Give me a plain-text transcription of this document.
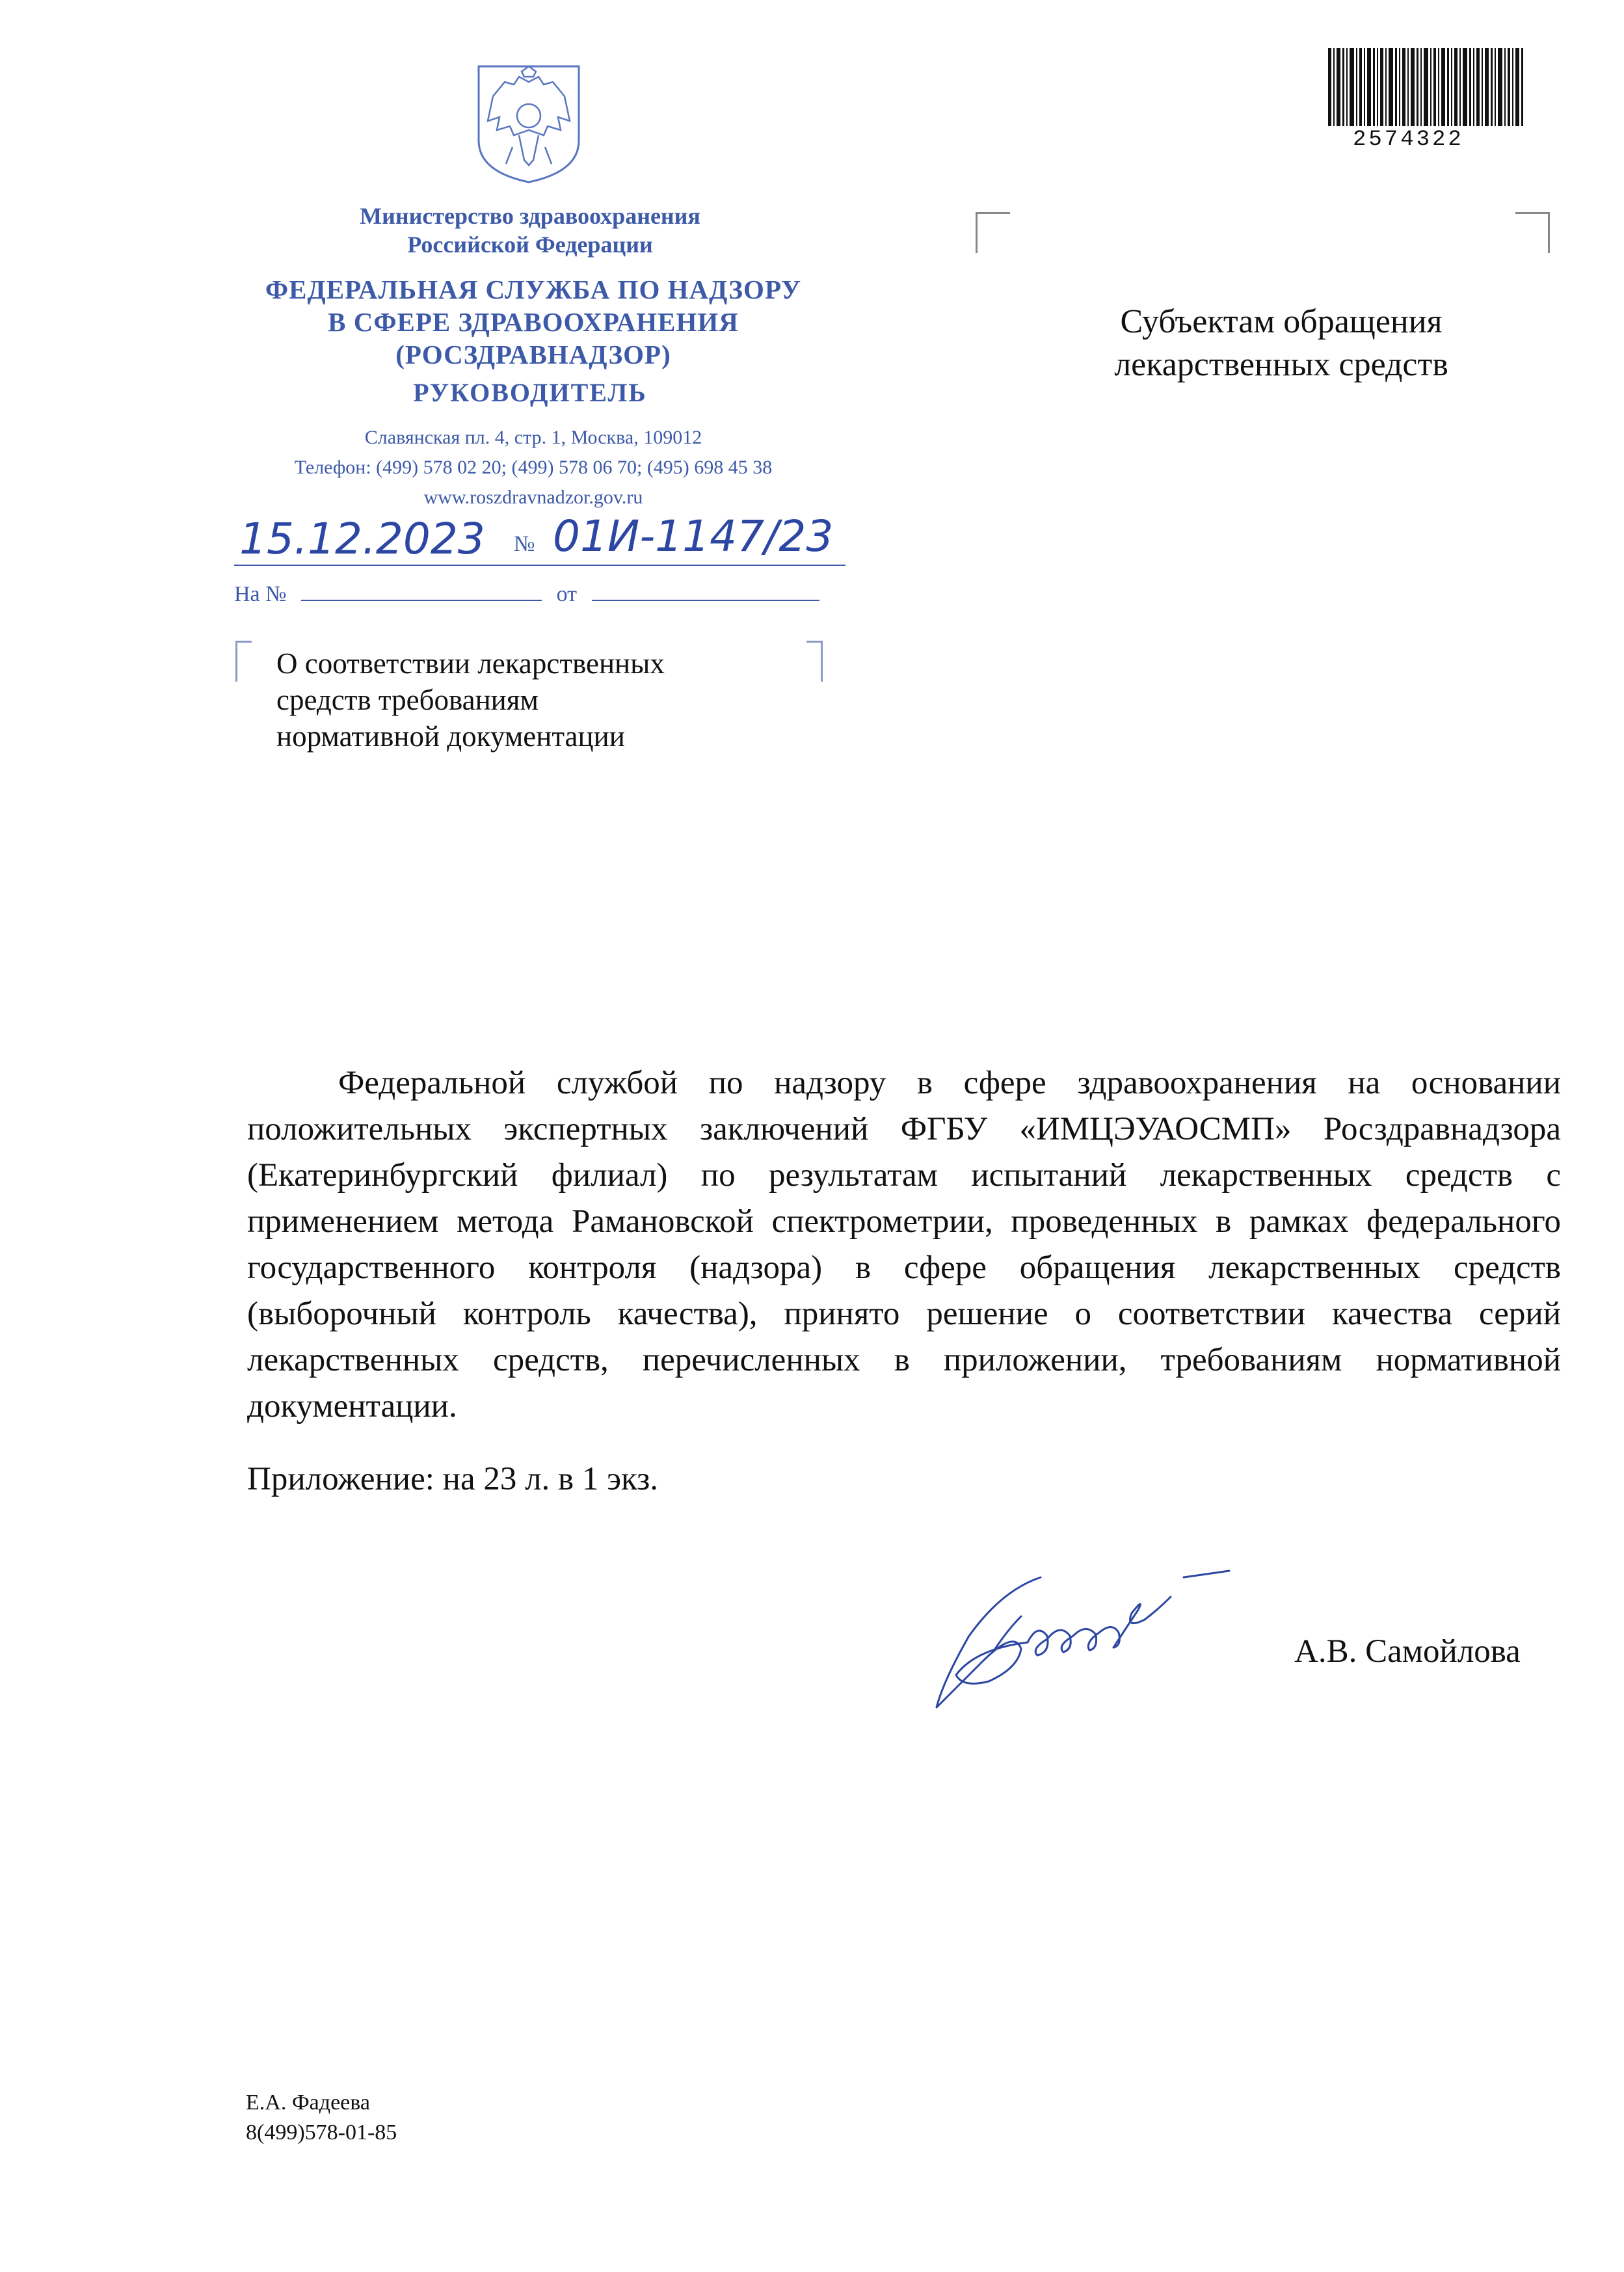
Министерство здравоохранения
Российской Федерации
ФЕДЕРАЛЬНАЯ СЛУЖБА ПО НАДЗОРУ
В СФЕРЕ ЗДРАВООХРАНЕНИЯ
(РОСЗДРАВНАДЗОР)
РУКОВОДИТЕЛЬ
Славянская пл. 4, стр. 1, Москва, 109012
Телефон: (499) 578 02 20; (499) 578 06 70; (495) 698 45 38
www.roszdravnadzor.gov.ru
15.12.2023 № 01И-1147/23
На №	от
О соответствии лекарственных
средств требованиям
нормативной документации
2574322
Субъектам обращения
лекарственных средств

Федеральной службой по надзору в сфере здравоохранения на основании положительных экспертных заключений ФГБУ «ИМЦЭУАОСМП» Росздравнадзора (Екатеринбургский филиал) по результатам испытаний лекарственных средств с применением метода Рамановской спектрометрии, проведенных в рамках федерального государственного контроля (надзора) в сфере обращения лекарственных средств (выборочный контроль качества), принято решение о соответствии качества серий лекарственных средств, перечисленных в приложении, требованиям нормативной документации.

Приложение: на 23 л. в 1 экз.
А.В. Самойлова
Е.А. Фадеева
8(499)578-01-85
